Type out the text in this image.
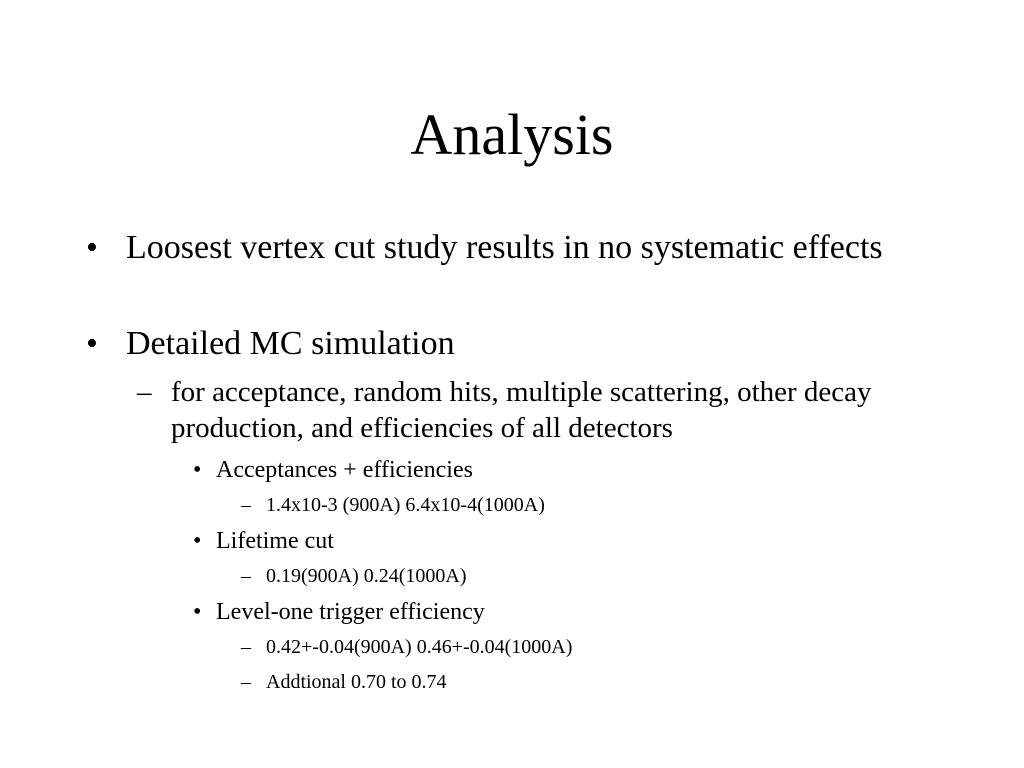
Analysis
• Loosest vertex cut study results in no systematic effects
• Detailed MC simulation
– for acceptance, random hits, multiple scattering, other decay production, and efficiencies of all detectors
• Acceptances + efficiencies
– 1.4x10-3 (900A) 6.4x10-4(1000A)
• Lifetime cut
– 0.19(900A) 0.24(1000A)
• Level-one trigger efficiency
– 0.42+-0.04(900A) 0.46+-0.04(1000A)
– Addtional 0.70 to 0.74
